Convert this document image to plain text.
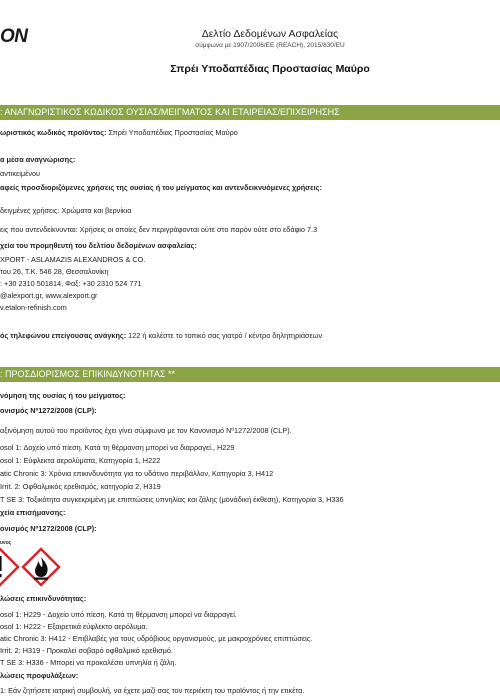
ON	Δελτίο Δεδομένων Ασφαλείας
σύμφωνα με 1907/2006/ΕΕ (REACH), 2015/830/ΕU
Σπρέι Υποδαπέδιας Προστασίας Μαύρο
: ΑΝΑΓΝΩΡΙΣΤΙΚΟΣ ΚΩΔΙΚΟΣ ΟΥΣΙΑΣ/ΜΕΙΓΜΑΤΟΣ ΚΑΙ ΕΤΑΙΡΕΙΑΣ/ΕΠΙΧΕΙΡΗΣΗΣ
ωριστικός κωδικός προϊόντος: Σπρέι Υποδαπέδιας Προστασίας Μαύρο
α μέσα αναγνώρισης:
αντικειμένου
αφείς προσδιοριζόμενες χρήσεις της ουσίας ή του μείγματος και αντενδεικνυόμενες χρήσεις:
δειγμένες χρήσεις: Χρώματα και βερνίκια
εις που αντενδείκνυνται: Χρήσεις οι οποίες δεν περιγράφονται ούτε στο παρόν ούτε στο εδάφιο 7.3
χεία του προμηθευτή του δελτίου δεδομένων ασφαλείας:
XPORT - ASLAMAZIS ALEXANDROS & CO.
του 26, Τ.Κ. 546 28, Θεσσαλονίκη
: +30 2310 501814, Φαξ: +30 2310 524 771
@alexport.gr, www.alexport.gr
v.etalon-refinish.com
ός τηλεφώνου επείγουσας ανάγκης: 122 ή καλέστε το τοπικό σας γιατρό / κέντρο δηλητηριάσεων
: ΠΡΟΣΔΙΟΡΙΣΜΟΣ ΕΠΙΚΙΝΔΥΝΟΤΗΤΑΣ **
νόμηση της ουσίας ή του μείγματος:
ονισμός Nº1272/2008 (CLP):
αξινόμηση αυτού του προϊόντος έχει γίνει σύμφωνα με τον Κανονισμό Nº1272/2008 (CLP).
osol 1: Δοχείο υπό πίεση. Κατά τη θέρμανση μπορεί να διαρραγεί., H229
osol 1: Εύφλεκτα αερολύματα, Κατηγορία 1, H222
atic Chronic 3: Χρόνια επικινδυνότητα για το υδάτινο περιβάλλον, Κατηγορία 3, H412
Irrit. 2: Οφθαλμικός ερεθισμός, κατηγορία 2, H319
T SE 3: Τοξικότητα συγκεκριμένη με επιπτώσεις υπνηλίας και ζάλης (μονάδική έκθεση), Κατηγορία 3, H336
χεία επισήμανσης:
ονισμός Nº1272/2008 (CLP):
υνος
λώσεις επικινδυνότητας:
osol 1: H229 - Δοχείο υπό πίεση. Κατά τη θέρμανση μπορεί να διαρραγεί.
osol 1: H222 - Εξαιρετικά εύφλεκτο αερόλυμα.
atic Chronic 3: H412 - Επιβλαβές για τους υδρόβιους οργανισμούς, με μακροχρόνιες επιπτώσεις.
Irrit. 2: H319 - Προκαλεί σοβαρό οφθαλμικό ερεθισμό.
T SE 3: H336 - Μπορεί να προκαλέσει υπνηλία ή ζάλη.
λώσεις προφυλάξεων:
1: Εάν ζητήσετε ιατρική συμβουλή, να έχετε μαζί σας τον περιέκτη του προϊόντος ή την ετικέτα.
